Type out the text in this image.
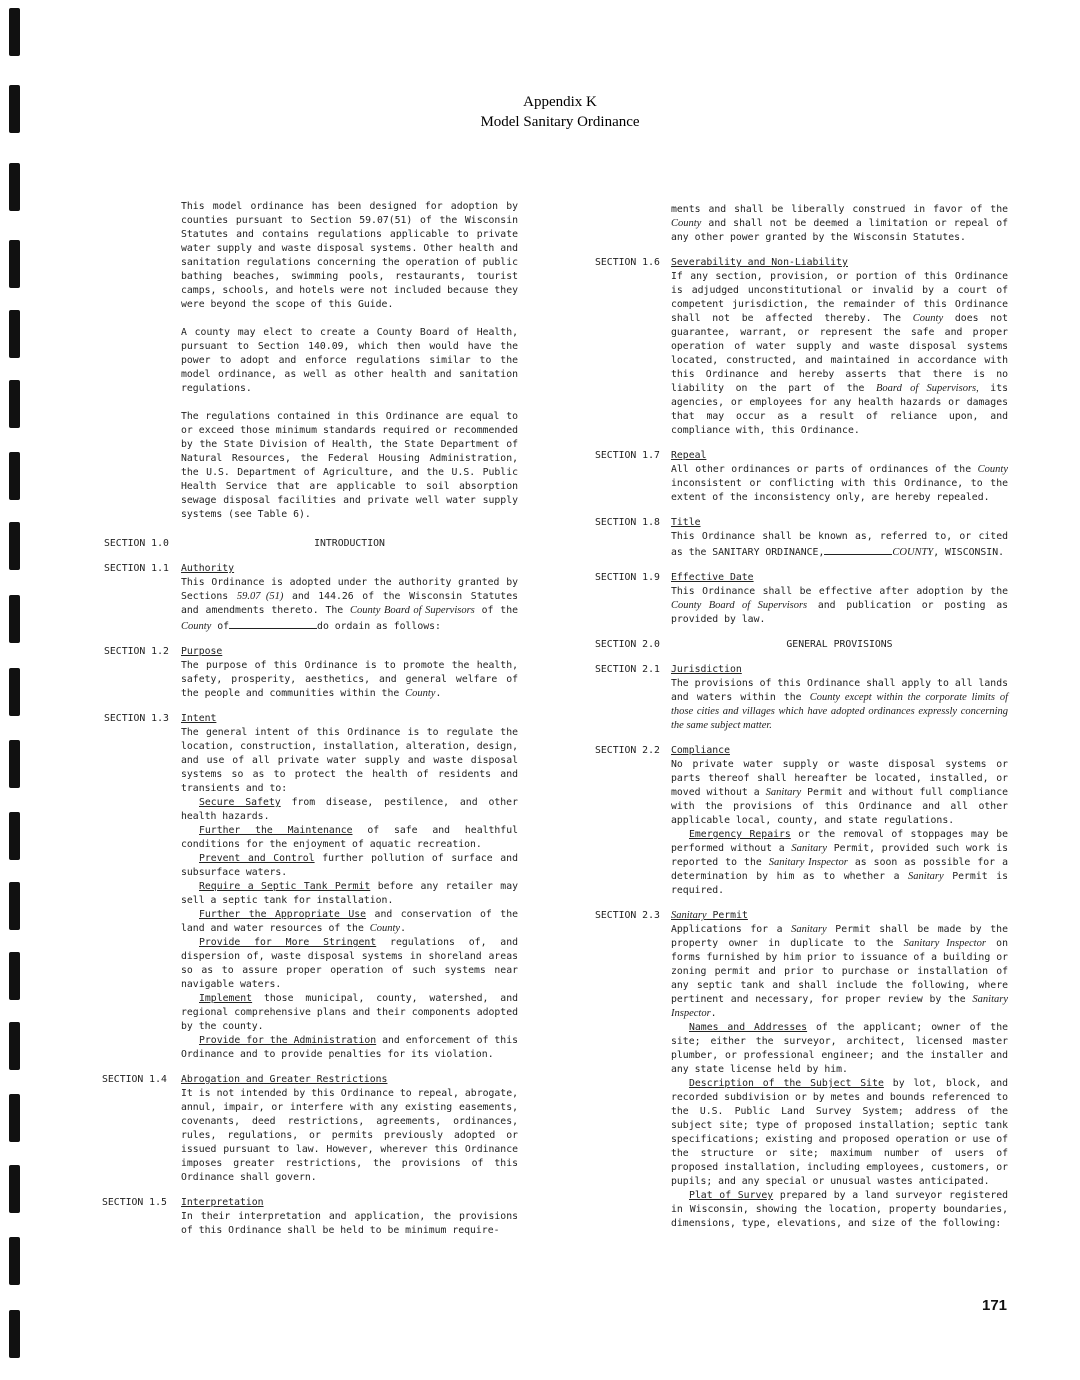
Appendix K
Model Sanitary Ordinance

This model ordinance has been designed for adoption by counties pursuant to Section 59.07(51) of the Wisconsin Statutes and contains regulations applicable to private water supply and waste disposal systems. Other health and sanitation regulations concerning the operation of public bathing beaches, swimming pools, restaurants, tourist camps, schools, and hotels were not included because they were beyond the scope of this Guide.

A county may elect to create a County Board of Health, pursuant to Section 140.09, which then would have the power to adopt and enforce regulations similar to the model ordinance, as well as other health and sanitation regulations.

The regulations contained in this Ordinance are equal to or exceed those minimum standards required or recommended by the State Division of Health, the State Department of Natural Resources, the Federal Housing Administration, the U.S. Department of Agriculture, and the U.S. Public Health Service that are applicable to soil absorption sewage disposal facilities and private well water supply systems (see Table 6).

SECTION 1.0	INTRODUCTION
SECTION 1.1 Authority

This Ordinance is adopted under the authority granted by Sections 59.07 (51) and 144.26 of the Wisconsin Statutes and amendments thereto. The County Board of Supervisors of the County of	do ordain as follows:

SECTION 1.2 Purpose

The purpose of this Ordinance is to promote the health, safety, prosperity, aesthetics, and general welfare of the people and communities within the County.

SECTION 1.3 Intent

The general intent of this Ordinance is to regulate the location, construction, installation, alteration, design, and use of all private water supply and waste disposal systems so as to protect the health of residents and transients and to:

Secure Safety from disease, pestilence, and other health hazards.

Further the Maintenance of safe and healthful conditions for the enjoyment of aquatic recreation.

Prevent and Control further pollution of surface and subsurface waters.

Require a Septic Tank Permit before any retailer may sell a septic tank for installation.

Further the Appropriate Use and conservation of the land and water resources of the County.

Provide for More Stringent regulations of, and dispersion of, waste disposal systems in shoreland areas so as to assure proper operation of such systems near navigable waters.

Implement those municipal, county, watershed, and regional comprehensive plans and their components adopted by the county.

Provide for the Administration and enforcement of this Ordinance and to provide penalties for its violation.

SECTION 1.4 Abrogation and Greater Restrictions

It is not intended by this Ordinance to repeal, abrogate, annul, impair, or interfere with any existing easements, covenants, deed restrictions, agreements, ordinances, rules, regulations, or permits previously adopted or issued pursuant to law. However, wherever this Ordinance imposes greater restrictions, the provisions of this Ordinance shall govern.

SECTION 1.5 Interpretation

In their interpretation and application, the provisions of this Ordinance shall be held to be minimum require-

ments and shall be liberally construed in favor of the County and shall not be deemed a limitation or repeal of any other power granted by the Wisconsin Statutes.

SECTION 1.6 Severability and Non-Liability

If any section, provision, or portion of this Ordinance is adjudged unconstitutional or invalid by a court of competent jurisdiction, the remainder of this Ordinance shall not be affected thereby. The County does not guarantee, warrant, or represent the safe and proper operation of water supply and waste disposal systems located, constructed, and maintained in accordance with this Ordinance and hereby asserts that there is no liability on the part of the Board of Supervisors, its agencies, or employees for any health hazards or damages that may occur as a result of reliance upon, and compliance with, this Ordinance.

SECTION 1.7 Repeal

All other ordinances or parts of ordinances of the County inconsistent or conflicting with this Ordinance, to the extent of the inconsistency only, are hereby repealed.

SECTION 1.8 Title

This Ordinance shall be known as, referred to, or cited as the SANITARY ORDINANCE,	COUNTY, WISCONSIN.

SECTION 1.9 Effective Date

This Ordinance shall be effective after adoption by the County Board of Supervisors and publication or posting as provided by law.

SECTION 2.0	GENERAL PROVISIONS
SECTION 2.1 Jurisdiction

The provisions of this Ordinance shall apply to all lands and waters within the County except within the corporate limits of those cities and villages which have adopted ordinances expressly concerning the same subject matter.

SECTION 2.2 Compliance

No private water supply or waste disposal systems or parts thereof shall hereafter be located, installed, or moved without a Sanitary Permit and without full compliance with the provisions of this Ordinance and all other applicable local, county, and state regulations.

Emergency Repairs or the removal of stoppages may be performed without a Sanitary Permit, provided such work is reported to the Sanitary Inspector as soon as possible for a determination by him as to whether a Sanitary Permit is required.

SECTION 2.3 Sanitary Permit

Applications for a Sanitary Permit shall be made by the property owner in duplicate to the Sanitary Inspector on forms furnished by him prior to issuance of a building or zoning permit and prior to purchase or installation of any septic tank and shall include the following, where pertinent and necessary, for proper review by the Sanitary Inspector.

Names and Addresses of the applicant; owner of the site; either the surveyor, architect, licensed master plumber, or professional engineer; and the installer and any state license held by him.

Description of the Subject Site by lot, block, and recorded subdivision or by metes and bounds referenced to the U.S. Public Land Survey System; address of the subject site; type of proposed installation; septic tank specifications; existing and proposed operation or use of the structure or site; maximum number of users of proposed installation, including employees, customers, or pupils; and any special or unusual wastes anticipated.

Plat of Survey prepared by a land surveyor registered in Wisconsin, showing the location, property boundaries, dimensions, type, elevations, and size of the following:

171
